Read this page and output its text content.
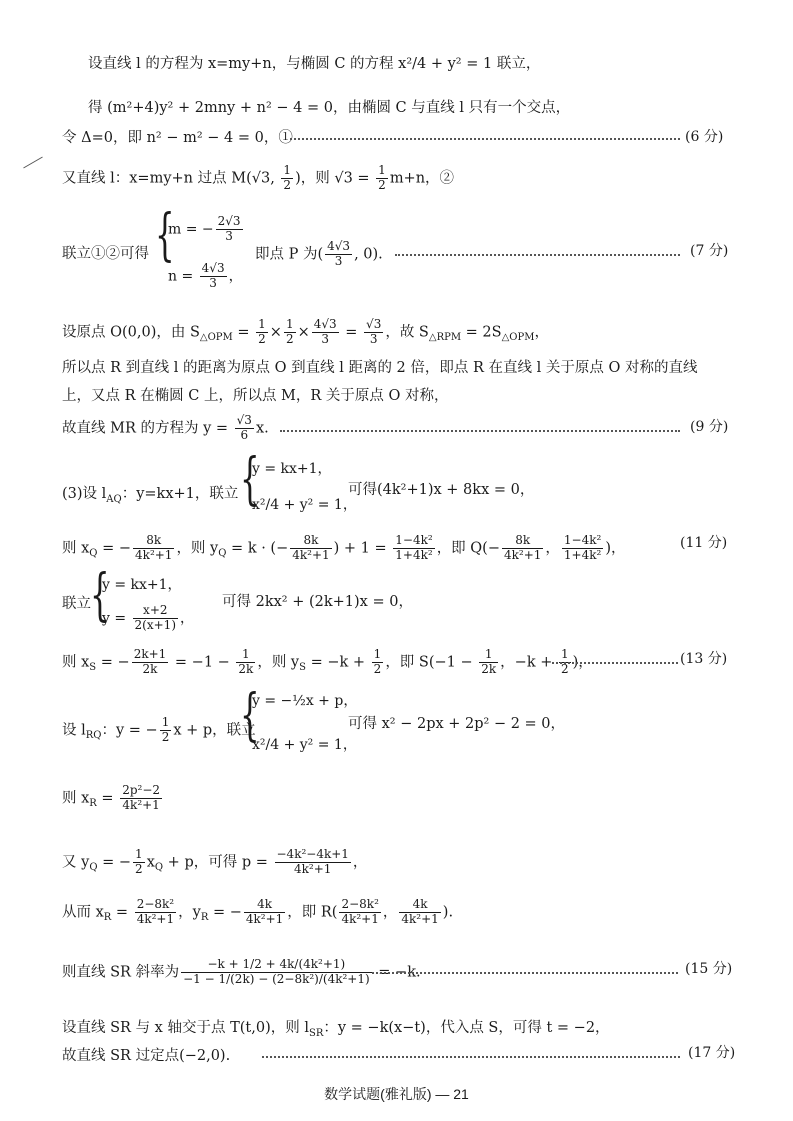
设直线 l 的方程为 x=my+n，与椭圆 C 的方程 x²/4 + y² = 1 联立，
得 (m²+4)y² + 2mny + n² − 4 = 0，由椭圆 C 与直线 l 只有一个交点，
令 Δ=0，即 n² − m² − 4 = 0，①	(6 分)
又直线 l：x=my+n 过点 M(√3, $\frac{1}{2}$ )，则 $√3 = \frac{1}{2} m+n$，②
联立①②可得 {
m = − $\frac{2√3}{3}$
$n = \frac{4√3}{3}$ ，
即点 P 为( $\frac{4√3}{3}$ , 0).	(7 分)
设原点 O(0,0)，由 $S_{\triangle OPM} = \frac{1}{2} \times \frac{1}{2} \times \frac{4√3}{3} = \frac{√3}{3}$ ，故 $S_{\triangle RPM} = 2S_{\triangle OPM}$，
所以点 R 到直线 l 的距离为原点 O 到直线 l 距离的 2 倍，即点 R 在直线 l 关于原点 O 对称的直线
上，又点 R 在椭圆 C 上，所以点 M，R 关于原点 O 对称，
故直线 MR 的方程为 $y = \frac{√3}{6} x$.	(9 分)
(3)设 $l_{AQ}$：y=kx+1，联立 {
y = kx+1，
x²/4 + y² = 1，
可得(4k²+1)x + 8kx = 0，
则 $x_Q$ = − $\frac{8k}{\text{4k²+1}}$ ，则 $y_Q = k$ · (− $\frac{8k}{\text{4k²+1}}$ ) + $1 = \frac{\text{1−4k²}}{\text{1+4k²}}$ ，即 $Q(- \frac{8k}{\text{4k²+1}}$ ， $\frac{\text{1−4k²}}{\text{1+4k²}}$ )，	(11 分)
联立 {
y = kx+1，
$y = \frac{x+2}{2(x+1)}$ ，
可得 2kx² + (2k+1)x = 0，
则 $x_S$ = − $\frac{2k+1}{2k} = -1 - \frac{1}{2k}$ ，则 $y_S = -k + \frac{1}{2}$ ，即 $S(-1 - \frac{1}{2k}$ ，$-k + \frac{1}{2}$ )，	(13 分)
设 $l_{RQ}$：y = − $\frac{1}{2}$ x + p，联立
{
y = −½x + p，
x²/4 + y² = 1，
可得 x² − 2px + 2p² − 2 = 0，
则 $x_R = \frac{\text{2p²−2}}{\text{4k²+1}}$
又 $y_Q$ = − $\frac{1}{2} x_Q + p$，可得 $p = \frac{\text{−4k²−4k+1}}{\text{4k²+1}}$ ，
从而 $x_R = \frac{\text{2−8k²}}{\text{4k²+1}}$ ，$y_R$ = − $\frac{4k}{\text{4k²+1}}$ ，即 $R( \frac{\text{2−8k²}}{\text{4k²+1}}$ ， $\frac{4k}{\text{4k²+1}}$ ).
则直线 SR 斜率为 $\frac{\text{−k + 1/2 + 4k/(4k²+1)}}{\text{−1 − 1/(2k) − (2−8k²)/(4k²+1)}} = -k$.	(15 分)
设直线 SR 与 x 轴交于点 T(t,0)，则 $l_{SR}$：y = −k(x−t)，代入点 S，可得 t = −2，
故直线 SR 过定点(−2,0).	(17 分)
数学试题(雅礼版) — 21
